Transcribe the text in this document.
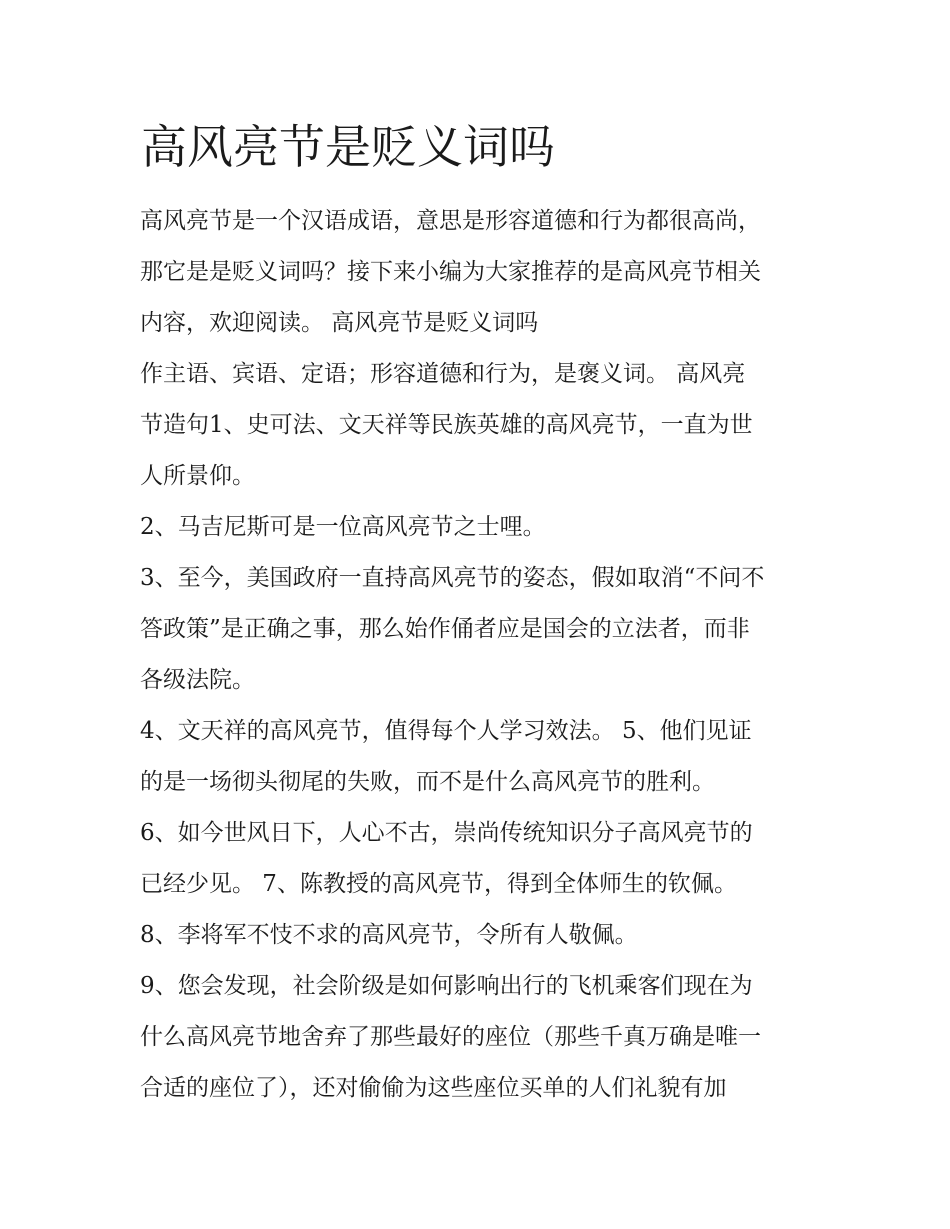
高风亮节是贬义词吗

高风亮节是一个汉语成语，意思是形容道德和行为都很高尚，

那它是是贬义词吗？接下来小编为大家推荐的是高风亮节相关

内容，欢迎阅读。 高风亮节是贬义词吗

作主语、宾语、定语；形容道德和行为，是褒义词。 高风亮

节造句1、史可法、文天祥等民族英雄的高风亮节，一直为世

人所景仰。

2、马吉尼斯可是一位高风亮节之士哩。

3、至今，美国政府一直持高风亮节的姿态，假如取消“不问不

答政策”是正确之事，那么始作俑者应是国会的立法者，而非

各级法院。

4、文天祥的高风亮节，值得每个人学习效法。 5、他们见证

的是一场彻头彻尾的失败，而不是什么高风亮节的胜利。

6、如今世风日下，人心不古，崇尚传统知识分子高风亮节的

已经少见。 7、陈教授的高风亮节，得到全体师生的钦佩。

8、李将军不忮不求的高风亮节，令所有人敬佩。

9、您会发现，社会阶级是如何影响出行的飞机乘客们现在为

什么高风亮节地舍弃了那些最好的座位（那些千真万确是唯一

合适的座位了），还对偷偷为这些座位买单的人们礼貌有加
